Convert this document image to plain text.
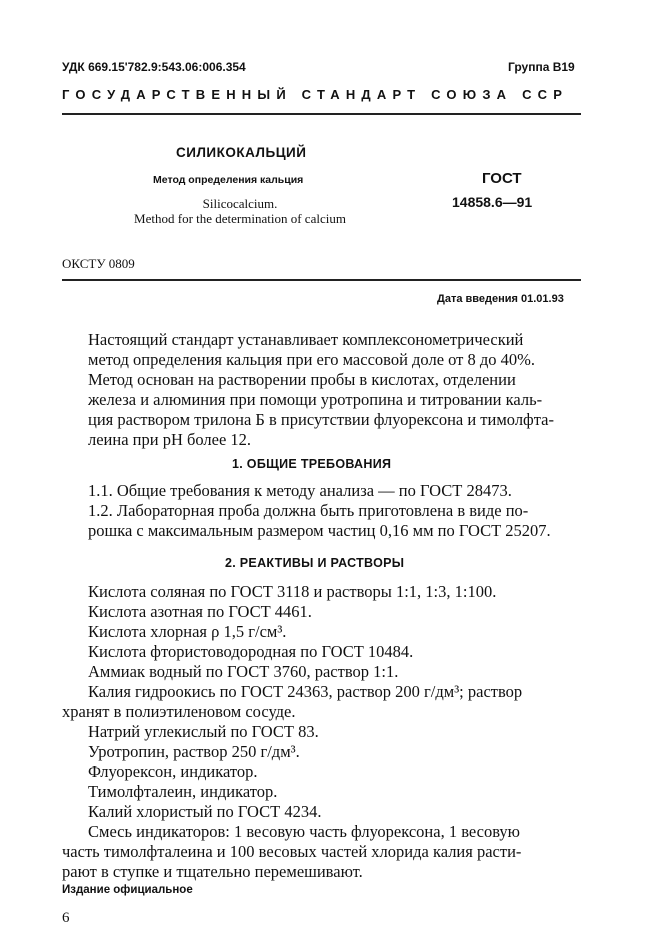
УДК 669.15'782.9:543.06:006.354	Группа В19
ГОСУДАРСТВЕННЫЙ СТАНДАРТ СОЮЗА ССР
СИЛИКОКАЛЬЦИЙ
Метод определения кальция
Silicocalcium.
Method for the determination of calcium
ГОСТ
14858.6—91
ОКСТУ 0809
Дата введения 01.01.93
Настоящий стандарт устанавливает комплексонометрический
метод определения кальция при его массовой доле от 8 до 40%.
Метод основан на растворении пробы в кислотах, отделении
железа и алюминия при помощи уротропина и титровании каль-
ция раствором трилона Б в присутствии флуорексона и тимолфта-
леина при pH более 12.
1. ОБЩИЕ ТРЕБОВАНИЯ
1.1. Общие требования к методу анализа — по ГОСТ 28473.
1.2. Лабораторная проба должна быть приготовлена в виде по-
рошка с максимальным размером частиц 0,16 мм по ГОСТ 25207.
2. РЕАКТИВЫ И РАСТВОРЫ
Кислота соляная по ГОСТ 3118 и растворы 1:1, 1:3, 1:100.
Кислота азотная по ГОСТ 4461.
Кислота хлорная ρ 1,5 г/см³.
Кислота фтористоводородная по ГОСТ 10484.
Аммиак водный по ГОСТ 3760, раствор 1:1.
Калия гидроокись по ГОСТ 24363, раствор 200 г/дм³; раствор
хранят в полиэтиленовом сосуде.
Натрий углекислый по ГОСТ 83.
Уротропин, раствор 250 г/дм³.
Флуорексон, индикатор.
Тимолфталеин, индикатор.
Калий хлористый по ГОСТ 4234.
Смесь индикаторов: 1 весовую часть флуорексона, 1 весовую
часть тимолфталеина и 100 весовых частей хлорида калия расти-
рают в ступке и тщательно перемешивают.
Издание официальное
6
